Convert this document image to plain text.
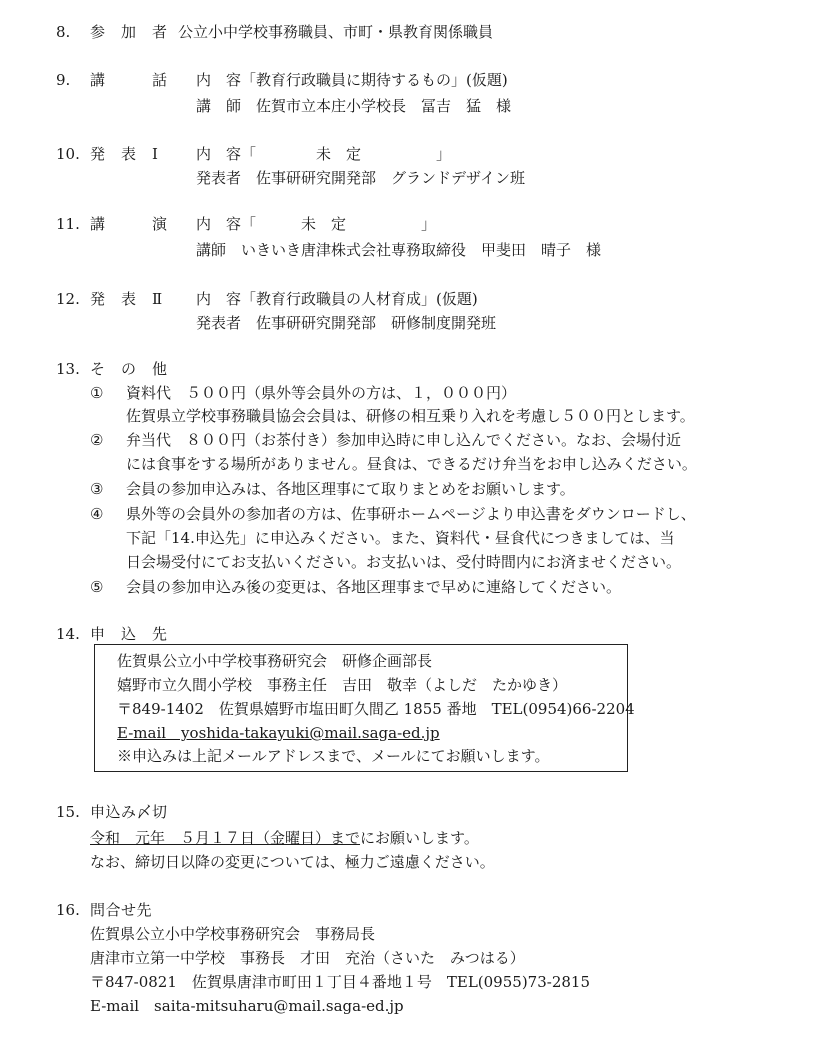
8.	参　加　者 公立小中学校事務職員、市町・県教育関係職員
9.	講　　　話 内　容「教育行政職員に期待するもの」(仮題)
講　師　佐賀市立本庄小学校長　冨吉　猛　様
10. 発　表　Ⅰ	内　容「　　　　未　定　　　　　」
発表者　佐事研研究開発部　グランドデザイン班
11. 講　　　演 内　容「　　　未　定　　　　　」
講師　いきいき唐津株式会社専務取締役　甲斐田　晴子　様
12. 発　表　Ⅱ 内　容「教育行政職員の人材育成」(仮題)
発表者　佐事研研究開発部　研修制度開発班
13. そ　の　他
①	資料代　５００円（県外等会員外の方は、１，０００円）
佐賀県立学校事務職員協会会員は、研修の相互乗り入れを考慮し５００円とします。
②	弁当代　８００円（お茶付き）参加申込時に申し込んでください。なお、会場付近
には食事をする場所がありません。昼食は、できるだけ弁当をお申し込みください。
③	会員の参加申込みは、各地区理事にて取りまとめをお願いします。
④	県外等の会員外の参加者の方は、佐事研ホームページより申込書をダウンロードし、
下記「14.申込先」に申込みください。また、資料代・昼食代につきましては、当
日会場受付にてお支払いください。お支払いは、受付時間内にお済ませください。
⑤	会員の参加申込み後の変更は、各地区理事まで早めに連絡してください。
14. 申　込　先
佐賀県公立小中学校事務研究会　研修企画部長
嬉野市立久間小学校　事務主任　吉田　敬幸（よしだ　たかゆき）
〒849-1402　佐賀県嬉野市塩田町久間乙 1855 番地　TEL(0954)66-2204
E-mail　yoshida-takayuki@mail.saga-ed.jp
※申込みは上記メールアドレスまで、メールにてお願いします。
15. 申込み〆切
令和　元年　５月１７日（金曜日）までにお願いします。
なお、締切日以降の変更については、極力ご遠慮ください。
16. 問合せ先
佐賀県公立小中学校事務研究会　事務局長
唐津市立第一中学校　事務長　才田　充治（さいた　みつはる）
〒847-0821　佐賀県唐津市町田１丁目４番地１号　TEL(0955)73-2815
E-mail　saita-mitsuharu@mail.saga-ed.jp
